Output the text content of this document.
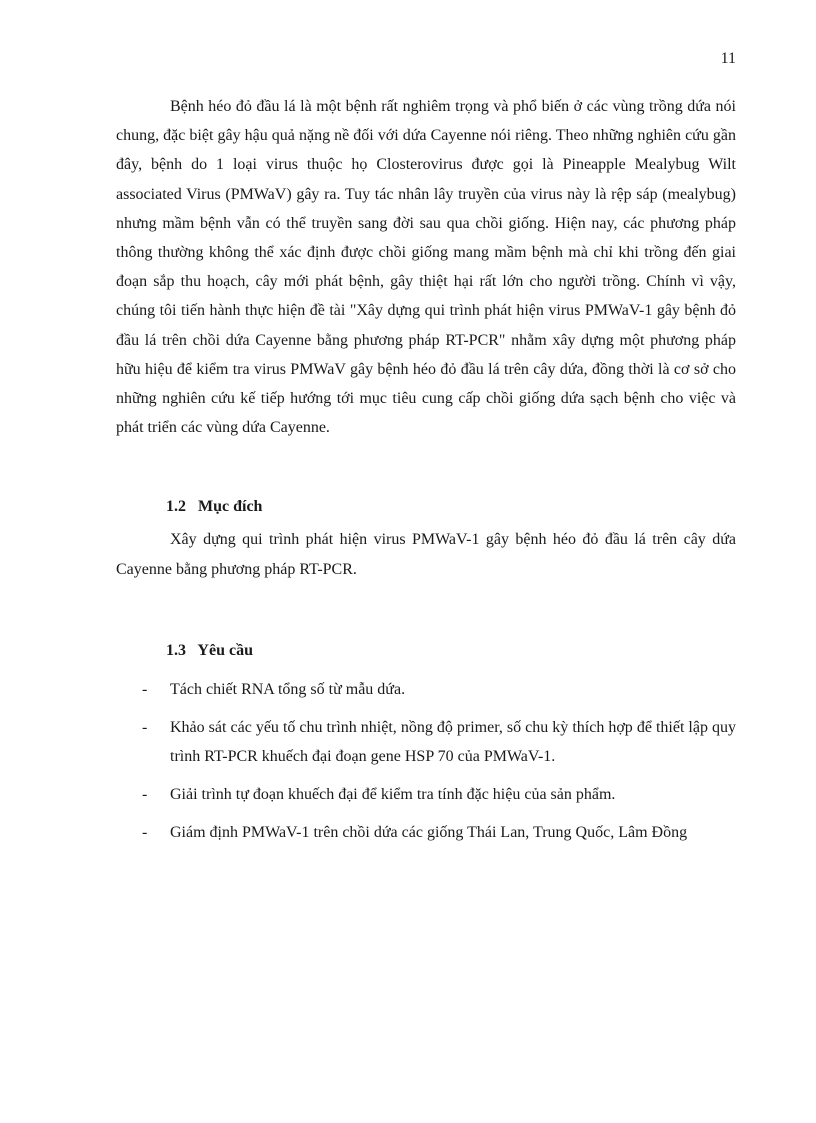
11

Bệnh héo đỏ đầu lá là một bệnh rất nghiêm trọng và phổ biến ở các vùng trồng dứa nói chung, đặc biệt gây hậu quả nặng nề đối với dứa Cayenne nói riêng. Theo những nghiên cứu gần đây, bệnh do 1 loại virus thuộc họ Closterovirus được gọi là Pineapple Mealybug Wilt associated Virus (PMWaV) gây ra. Tuy tác nhân lây truyền của virus này là rệp sáp (mealybug) nhưng mầm bệnh vẫn có thể truyền sang đời sau qua chồi giống. Hiện nay, các phương pháp thông thường không thể xác định được chồi giống mang mầm bệnh mà chỉ khi trồng đến giai đoạn sắp thu hoạch, cây mới phát bệnh, gây thiệt hại rất lớn cho người trồng. Chính vì vậy, chúng tôi tiến hành thực hiện đề tài "Xây dựng qui trình phát hiện virus PMWaV-1 gây bệnh đỏ đầu lá trên chồi dứa Cayenne bằng phương pháp RT-PCR" nhằm xây dựng một phương pháp hữu hiệu để kiểm tra virus PMWaV gây bệnh héo đỏ đầu lá trên cây dứa, đồng thời là cơ sở cho những nghiên cứu kế tiếp hướng tới mục tiêu cung cấp chồi giống dứa sạch bệnh cho việc và phát triển các vùng dứa Cayenne.

1.2 Mục đích

Xây dựng qui trình phát hiện virus PMWaV-1 gây bệnh héo đỏ đầu lá trên cây dứa Cayenne bằng phương pháp RT-PCR.

1.3 Yêu cầu
- Tách chiết RNA tổng số từ mẫu dứa.
- Khảo sát các yếu tố chu trình nhiệt, nồng độ primer, số chu kỳ thích hợp để thiết lập quy trình RT-PCR khuếch đại đoạn gene HSP 70 của PMWaV-1.
- Giải trình tự đoạn khuếch đại để kiểm tra tính đặc hiệu của sản phẩm.
- Giám định PMWaV-1 trên chồi dứa các giống Thái Lan, Trung Quốc, Lâm Đồng
